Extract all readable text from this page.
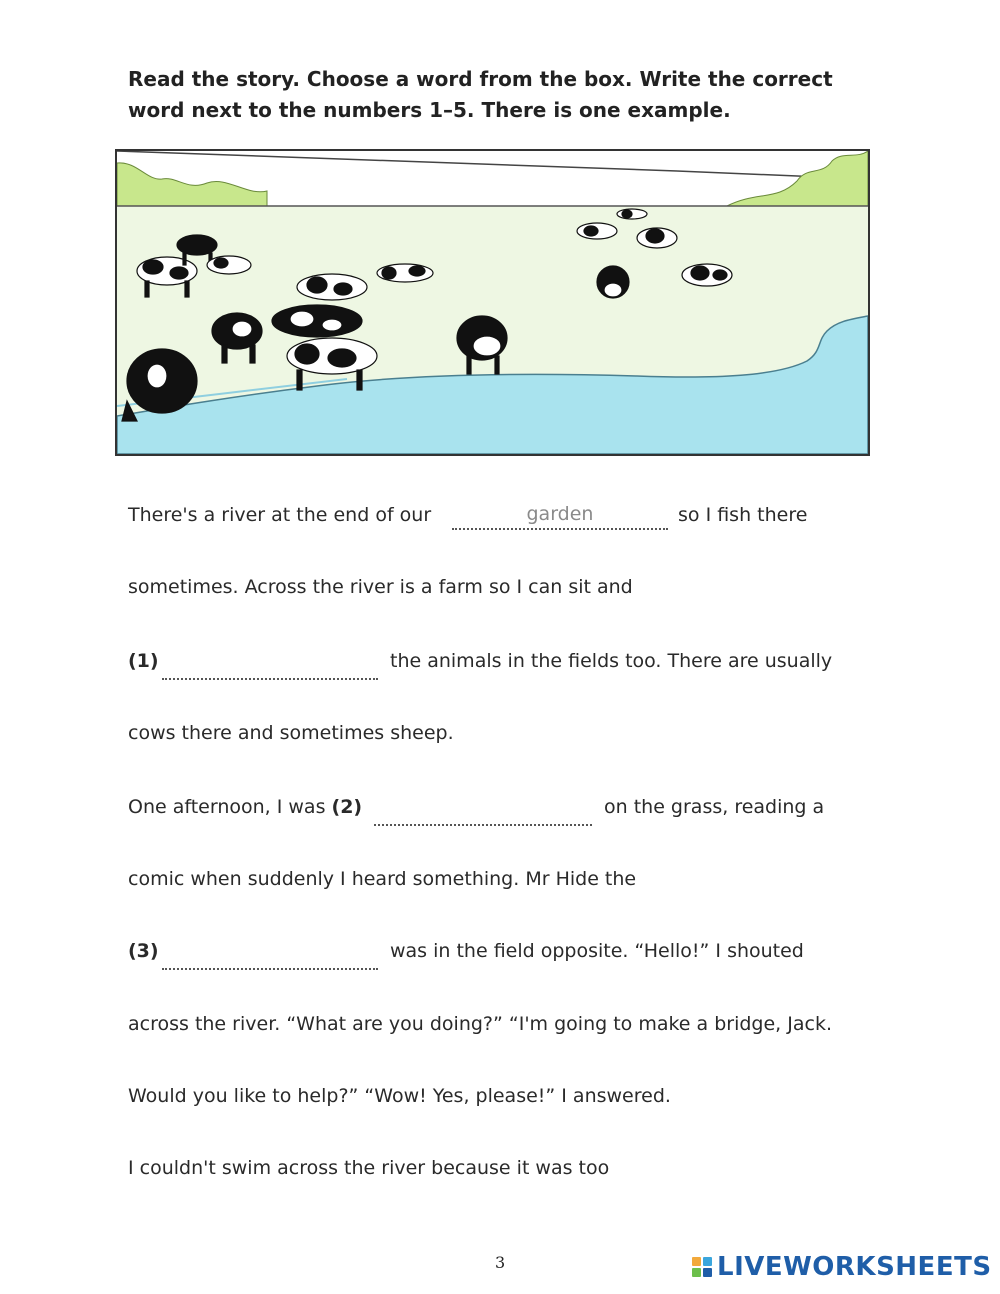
Read the story. Choose a word from the box. Write the correct word next to the numbers 1–5. There is one example.

There's a river at the end of our	garden	so I fish there
sometimes. Across the river is a farm so I can sit and
(1)	the animals in the fields too. There are usually
cows there and sometimes sheep.
One afternoon, I was (2)	on the grass, reading a
comic when suddenly I heard something. Mr Hide the
(3)	was in the field opposite. “Hello!” I shouted
across the river. “What are you doing?” “I'm going to make a bridge, Jack.
Would you like to help?” “Wow! Yes, please!” I answered.
I couldn't swim across the river because it was too
3	LIVEWORKSHEETS
